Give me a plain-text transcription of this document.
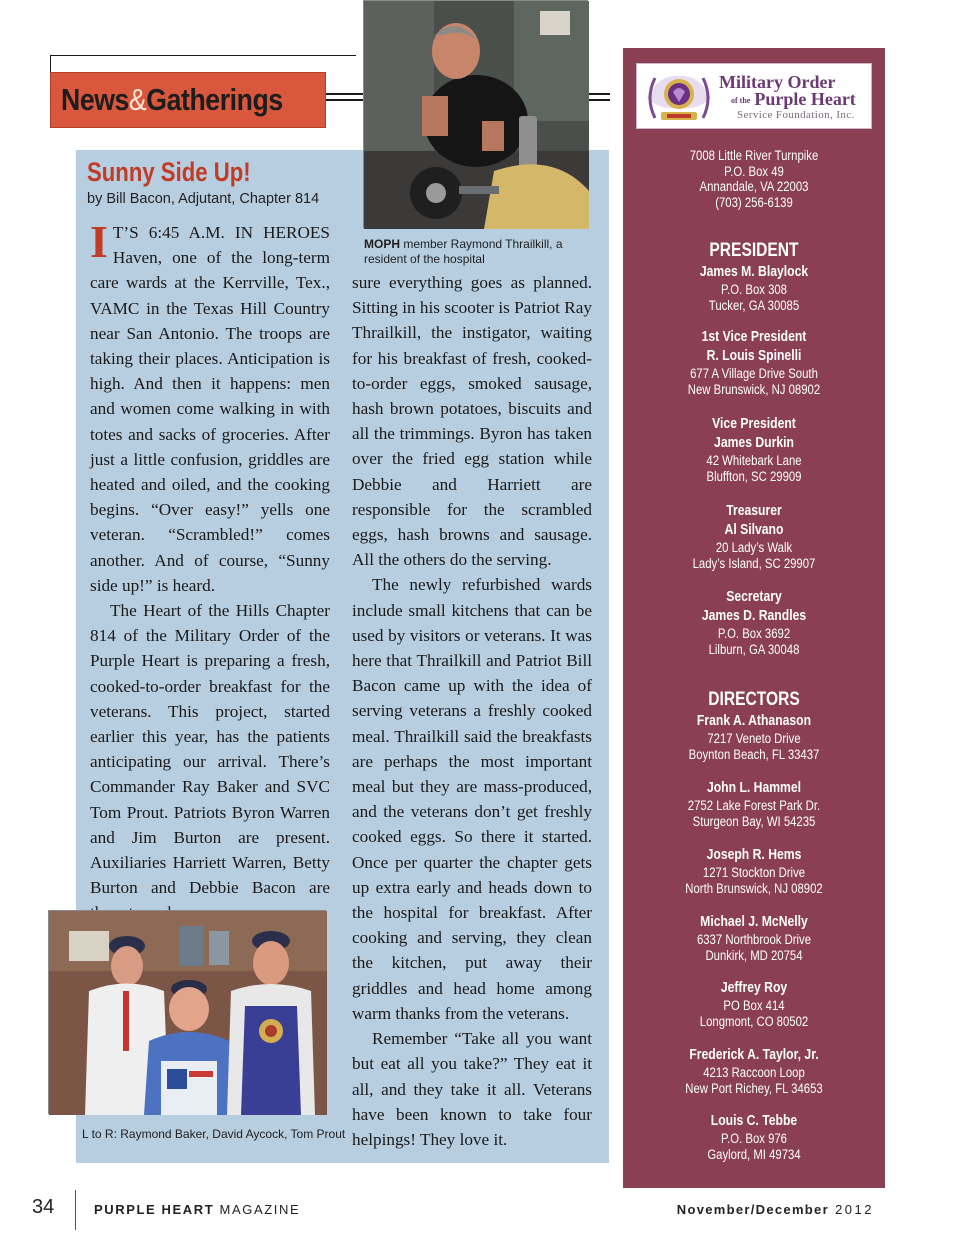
News&Gatherings
Sunny Side Up!
by Bill Bacon, Adjutant, Chapter 814

I T’S 6:45 A.M. IN HEROES Haven, one of the long-term care wards at the Kerrville, Tex., VAMC in the Texas Hill Country near San Antonio. The troops are taking their places. Anticipation is high. And then it happens: men and women come walking in with totes and sacks of groceries. After just a little confusion, griddles are heated and oiled, and the cooking begins. “Over easy!” yells one veteran. “Scrambled!” comes another. And of course, “Sunny side up!” is heard.

The Heart of the Hills Chapter 814 of the Military Order of the Purple Heart is preparing a fresh, cooked-to-order breakfast for the veterans. This project, started earlier this year, has the patients anticipating our arrival. There’s Commander Ray Baker and SVC Tom Prout. Patriots Byron Warren and Jim Burton are present. Auxiliaries Harriett Warren, Betty Burton and Debbie Bacon are

sure everything goes as planned. Sitting in his scooter is Patriot Ray Thrailkill, the instigator, waiting for his breakfast of fresh, cooked-to-order eggs, smoked sausage, hash brown potatoes, biscuits and all the trimmings. Byron has taken over the fried egg station while Debbie and Harriett are responsible for the scrambled eggs, hash browns and sausage. All the others do the serving.

The newly refurbished wards include small kitchens that can be used by visitors or veterans. It was here that Thrailkill and Patriot Bill Bacon came up with the idea of serving veterans a freshly cooked meal. Thrailkill said the breakfasts are perhaps the most important meal but they are mass-produced, and the veterans don’t get freshly cooked eggs. So there it started. Once per quarter the chapter gets up extra early and heads down to the hospital for breakfast. After cooking and serving, they clean the kitchen, put away their griddles and head home among warm thanks from the veterans.

Remember “Take all you want but eat all you take?” They eat it all, and they take it all. Veterans have been known to take four helpings! They love it.

MOPH member Raymond Thrailkill, a resident of the hospital
L to R: Raymond Baker, David Aycock, Tom Prout
Military Order
of the Purple Heart
Service Foundation, Inc.
7008 Little River Turnpike
P.O. Box 49
Annandale, VA 22003
(703) 256-6139
PRESIDENT
James M. Blaylock
P.O. Box 308
Tucker, GA 30085
1st Vice President
R. Louis Spinelli
677 A Village Drive South
New Brunswick, NJ 08902
Vice President
James Durkin
42 Whitebark Lane
Bluffton, SC 29909
Treasurer
Al Silvano
20 Lady’s Walk
Lady’s Island, SC 29907
Secretary
James D. Randles
P.O. Box 3692
Lilburn, GA 30048
DIRECTORS
Frank A. Athanason
7217 Veneto Drive
Boynton Beach, FL 33437
John L. Hammel
2752 Lake Forest Park Dr.
Sturgeon Bay, WI 54235
Joseph R. Hems
1271 Stockton Drive
North Brunswick, NJ 08902
Michael J. McNelly
6337 Northbrook Drive
Dunkirk, MD 20754
Jeffrey Roy
PO Box 414
Longmont, CO 80502
Frederick A. Taylor, Jr.
4213 Raccoon Loop
New Port Richey, FL 34653
Louis C. Tebbe
P.O. Box 976
Gaylord, MI 49734
34	PURPLE HEART MAGAZINE	November/December 2012
